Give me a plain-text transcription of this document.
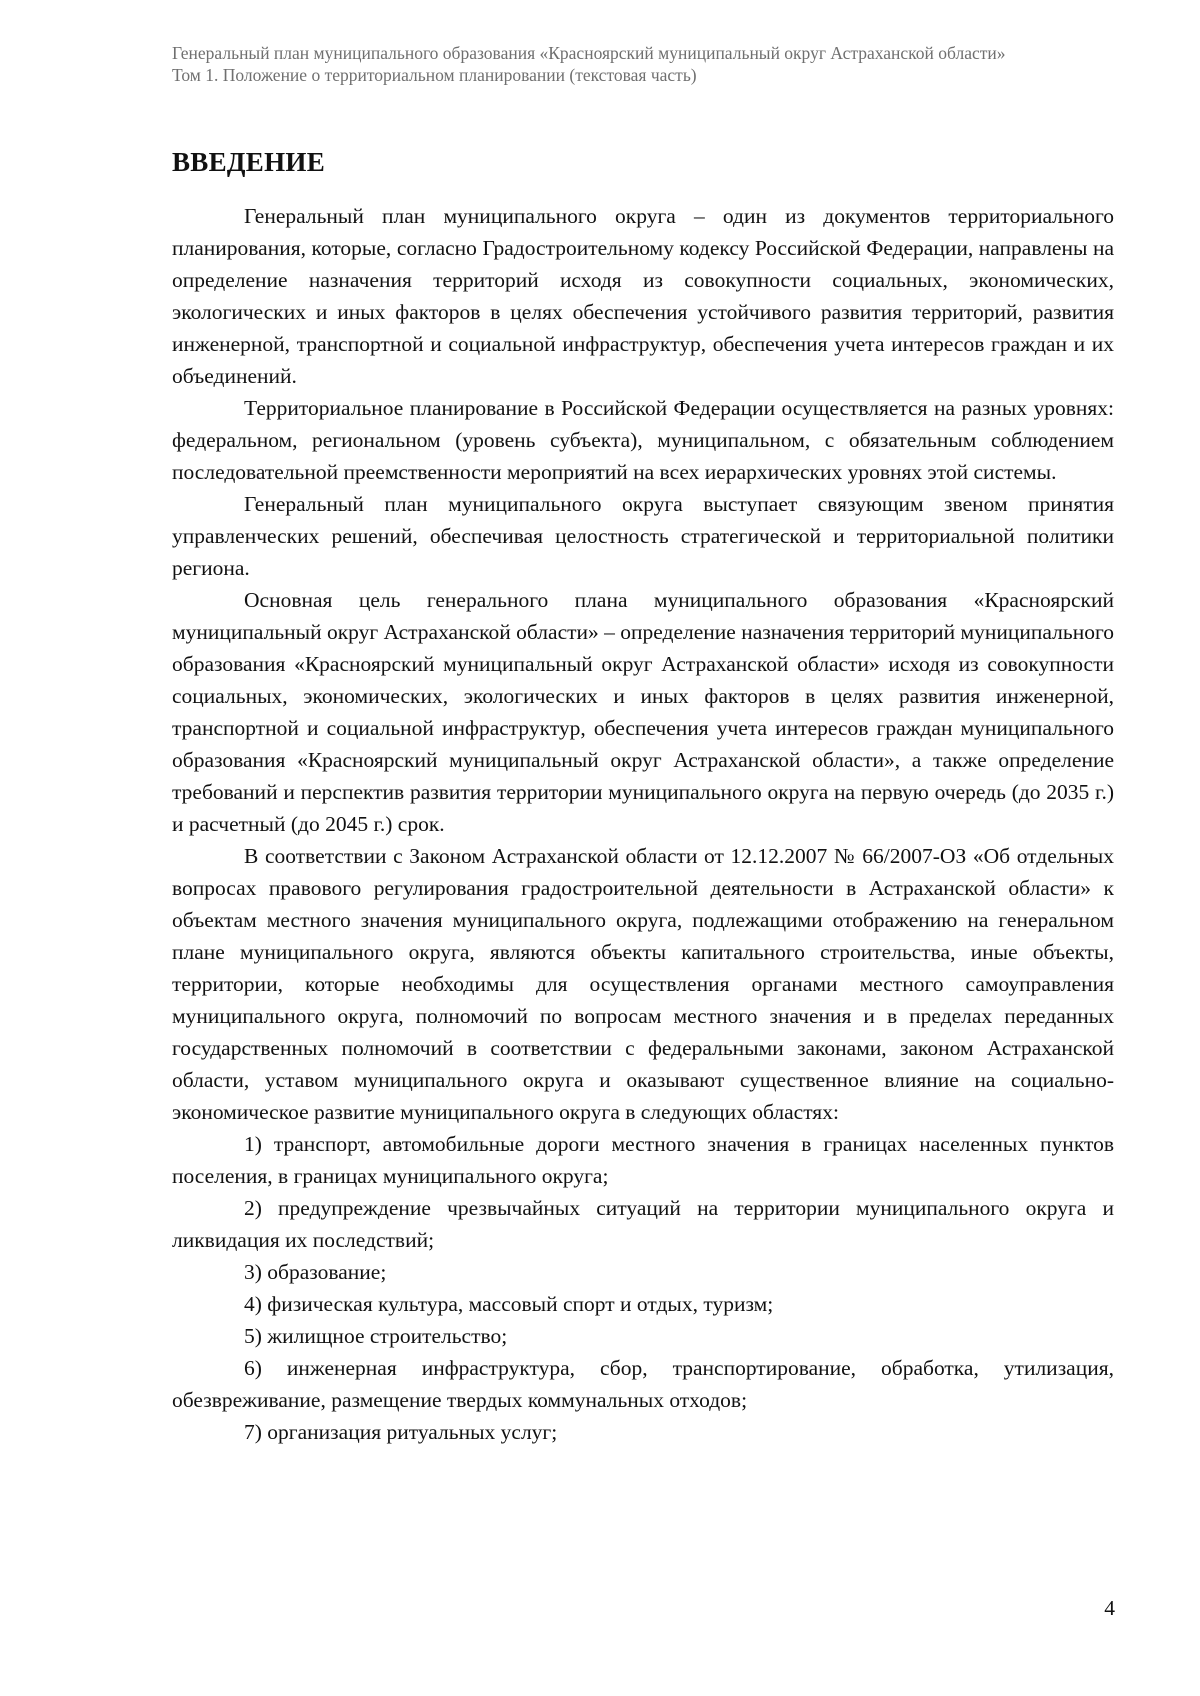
Генеральный план муниципального образования «Красноярский муниципальный округ Астраханской области»
Том 1. Положение о территориальном планировании (текстовая часть)
ВВЕДЕНИЕ

Генеральный план муниципального округа – один из документов территориального планирования, которые, согласно Градостроительному кодексу Российской Федерации, направлены на определение назначения территорий исходя из совокупности социальных, экономических, экологических и иных факторов в целях обеспечения устойчивого развития территорий, развития инженерной, транспортной и социальной инфраструктур, обеспечения учета интересов граждан и их объединений.

Территориальное планирование в Российской Федерации осуществляется на разных уровнях: федеральном, региональном (уровень субъекта), муниципальном, с обязательным соблюдением последовательной преемственности мероприятий на всех иерархических уровнях этой системы.

Генеральный план муниципального округа выступает связующим звеном принятия управленческих решений, обеспечивая целостность стратегической и территориальной политики региона.

Основная цель генерального плана муниципального образования «Красноярский муниципальный округ Астраханской области» – определение назначения территорий муниципального образования «Красноярский муниципальный округ Астраханской области» исходя из совокупности социальных, экономических, экологических и иных факторов в целях развития инженерной, транспортной и социальной инфраструктур, обеспечения учета интересов граждан муниципального образования «Красноярский муниципальный округ Астраханской области», а также определение требований и перспектив развития территории муниципального округа на первую очередь (до 2035 г.) и расчетный (до 2045 г.) срок.

В соответствии с Законом Астраханской области от 12.12.2007 № 66/2007-ОЗ «Об отдельных вопросах правового регулирования градостроительной деятельности в Астраханской области» к объектам местного значения муниципального округа, подлежащими отображению на генеральном плане муниципального округа, являются объекты капитального строительства, иные объекты, территории, которые необходимы для осуществления органами местного самоуправления муниципального округа, полномочий по вопросам местного значения и в пределах переданных государственных полномочий в соответствии с федеральными законами, законом Астраханской области, уставом муниципального округа и оказывают существенное влияние на социально-экономическое развитие муниципального округа в следующих областях:

1) транспорт, автомобильные дороги местного значения в границах населенных пунктов поселения, в границах муниципального округа;

2) предупреждение чрезвычайных ситуаций на территории муниципального округа и ликвидация их последствий;

3) образование;

4) физическая культура, массовый спорт и отдых, туризм;

5) жилищное строительство;

6) инженерная инфраструктура, сбор, транспортирование, обработка, утилизация, обезвреживание, размещение твердых коммунальных отходов;

7) организация ритуальных услуг;

4
